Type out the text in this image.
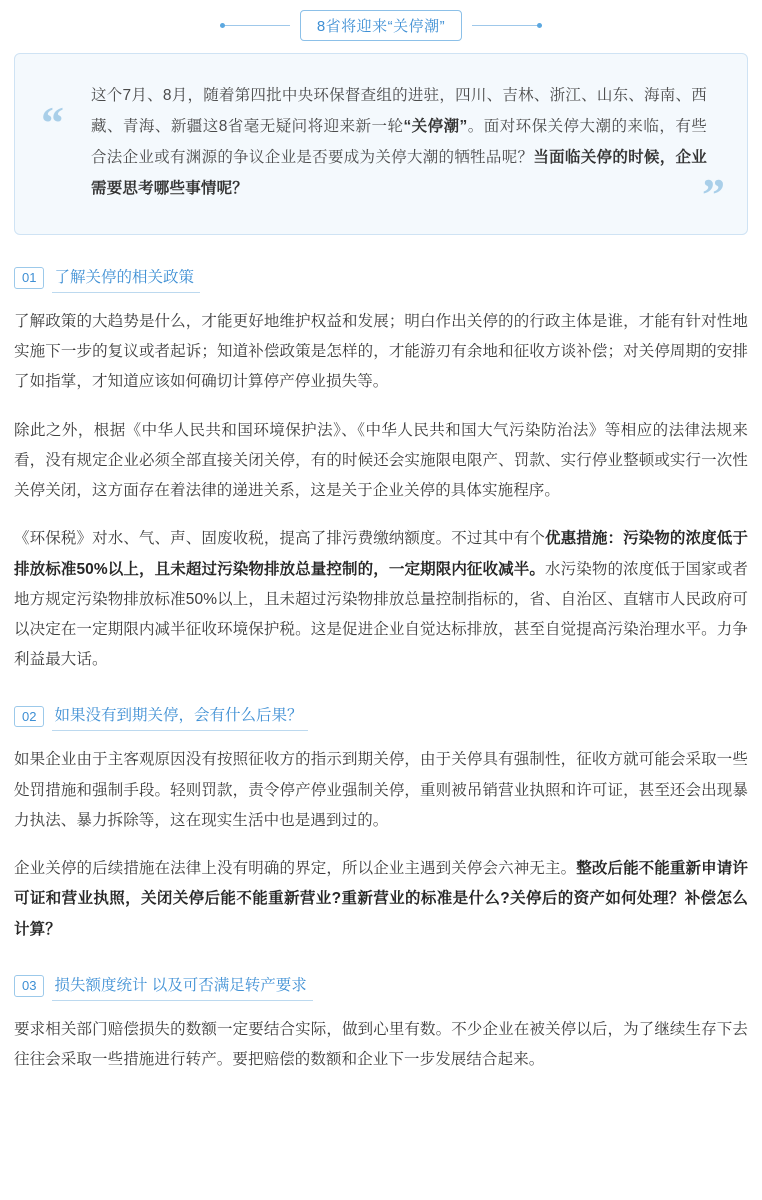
8省将迎来“关停潮”
“
这个7月、8月，随着第四批中央环保督查组的进驻，四川、吉林、浙江、山东、海南、西藏、青海、新疆这8省毫无疑问将迎来新一轮“关停潮”。面对环保关停大潮的来临，有些合法企业或有渊源的争议企业是否要成为关停大潮的牺牲品呢？当面临关停的时候，企业需要思考哪些事情呢？	”
01	了解关停的相关政策

了解政策的大趋势是什么，才能更好地维护权益和发展；明白作出关停的的行政主体是谁，才能有针对性地实施下一步的复议或者起诉；知道补偿政策是怎样的，才能游刃有余地和征收方谈补偿；对关停周期的安排了如指掌，才知道应该如何确切计算停产停业损失等。

除此之外，根据《中华人民共和国环境保护法》、《中华人民共和国大气污染防治法》等相应的法律法规来看，没有规定企业必须全部直接关闭关停，有的时候还会实施限电限产、罚款、实行停业整顿或实行一次性关停关闭，这方面存在着法律的递进关系，这是关于企业关停的具体实施程序。

《环保税》对水、气、声、固废收税，提高了排污费缴纳额度。不过其中有个优惠措施：污染物的浓度低于排放标准50%以上，且未超过污染物排放总量控制的，一定期限内征收减半。水污染物的浓度低于国家或者地方规定污染物排放标准50%以上，且未超过污染物排放总量控制指标的，省、自治区、直辖市人民政府可以决定在一定期限内减半征收环境保护税。这是促进企业自觉达标排放，甚至自觉提高污染治理水平。力争利益最大话。

02	如果没有到期关停，会有什么后果？

如果企业由于主客观原因没有按照征收方的指示到期关停，由于关停具有强制性，征收方就可能会采取一些处罚措施和强制手段。轻则罚款，责令停产停业强制关停，重则被吊销营业执照和许可证，甚至还会出现暴力执法、暴力拆除等，这在现实生活中也是遇到过的。

企业关停的后续措施在法律上没有明确的界定，所以企业主遇到关停会六神无主。整改后能不能重新申请许可证和营业执照，关闭关停后能不能重新营业?重新营业的标准是什么?关停后的资产如何处理？补偿怎么计算？

03	损失额度统计 以及可否满足转产要求

要求相关部门赔偿损失的数额一定要结合实际，做到心里有数。不少企业在被关停以后，为了继续生存下去往往会采取一些措施进行转产。要把赔偿的数额和企业下一步发展结合起来。
